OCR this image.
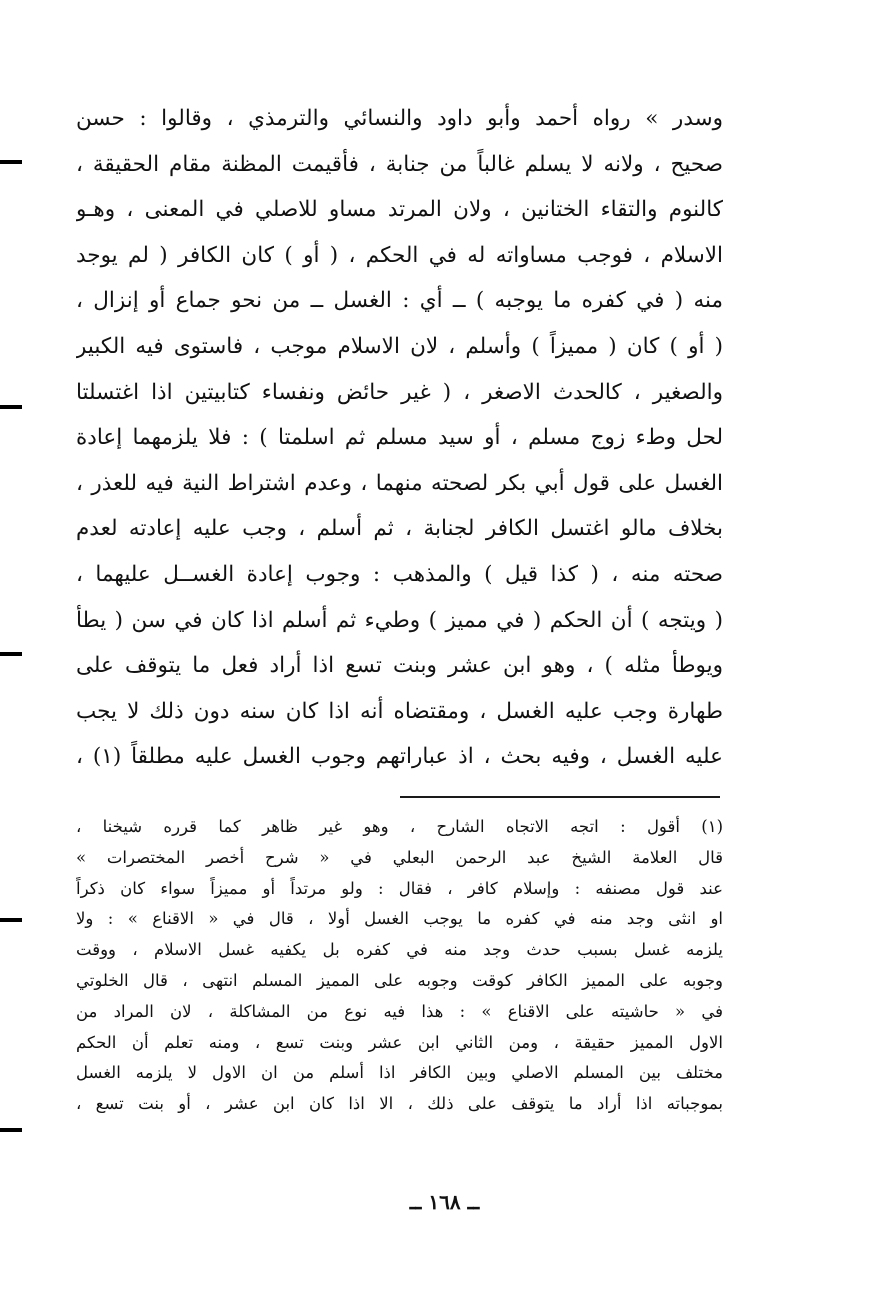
وسدر » رواه أحمد وأبو داود والنسائي والترمذي ، وقالوا : حسن
صحيح ، ولانه لا يسلم غالباً من جنابة ، فأقيمت المظنة مقام الحقيقة ،
كالنوم والتقاء الختانين ، ولان المرتد مساو للاصلي في المعنى ، وهـو
الاسلام ، فوجب مساواته له في الحكم ، ( أو ) كان الكافر ( لم يوجد
منه ( في كفره ما يوجبه ) ــ أي : الغسل ــ من نحو جماع أو إنزال ،
( أو ) كان ( مميزاً ) وأسلم ، لان الاسلام موجب ، فاستوى فيه الكبير
والصغير ، كالحدث الاصغر ، ( غير حائض ونفساء كتابيتين اذا اغتسلتا
لحل وطء زوج مسلم ، أو سيد مسلم ثم اسلمتا ) : فلا يلزمهما إعادة
الغسل على قول أبي بكر لصحته منهما ، وعدم اشتراط النية فيه للعذر ،
بخلاف مالو اغتسل الكافر لجنابة ، ثم أسلم ، وجب عليه إعادته لعدم
صحته منه ، ( كذا قيل ) والمذهب : وجوب إعادة الغســل عليهما ،
( ويتجه ) أن الحكم ( في مميز ) وطيء ثم أسلم اذا كان في سن ( يطأ
ويوطأ مثله ) ، وهو ابن عشر وبنت تسع اذا أراد فعل ما يتوقف على
طهارة وجب عليه الغسل ، ومقتضاه أنه اذا كان سنه دون ذلك لا يجب
عليه الغسل ، وفيه بحث ، اذ عباراتهم وجوب الغسل عليه مطلقاً (١) ،
(١) أقول : اتجه الاتجاه الشارح ، وهو غير ظاهر كما قرره شيخنا ،
قال العلامة الشيخ عبد الرحمن البعلي في « شرح أخصر المختصرات »
عند قول مصنفه : وإسلام كافر ، فقال : ولو مرتداً أو مميزاً سواء كان ذكراً
او انثى وجد منه في كفره ما يوجب الغسل أولا ، قال في « الاقناع » : ولا
يلزمه غسل بسبب حدث وجد منه في كفره بل يكفيه غسل الاسلام ، ووقت
وجوبه على المميز الكافر كوقت وجوبه على المميز المسلم انتهى ، قال الخلوتي
في « حاشيته على الاقناع » : هذا فيه نوع من المشاكلة ، لان المراد من
الاول المميز حقيقة ، ومن الثاني ابن عشر وبنت تسع ، ومنه تعلم أن الحكم
مختلف بين المسلم الاصلي وبين الكافر اذا أسلم من ان الاول لا يلزمه الغسل
بموجباته اذا أراد ما يتوقف على ذلك ، الا اذا كان ابن عشر ، أو بنت تسع ،
ــ ١٦٨ ــ
